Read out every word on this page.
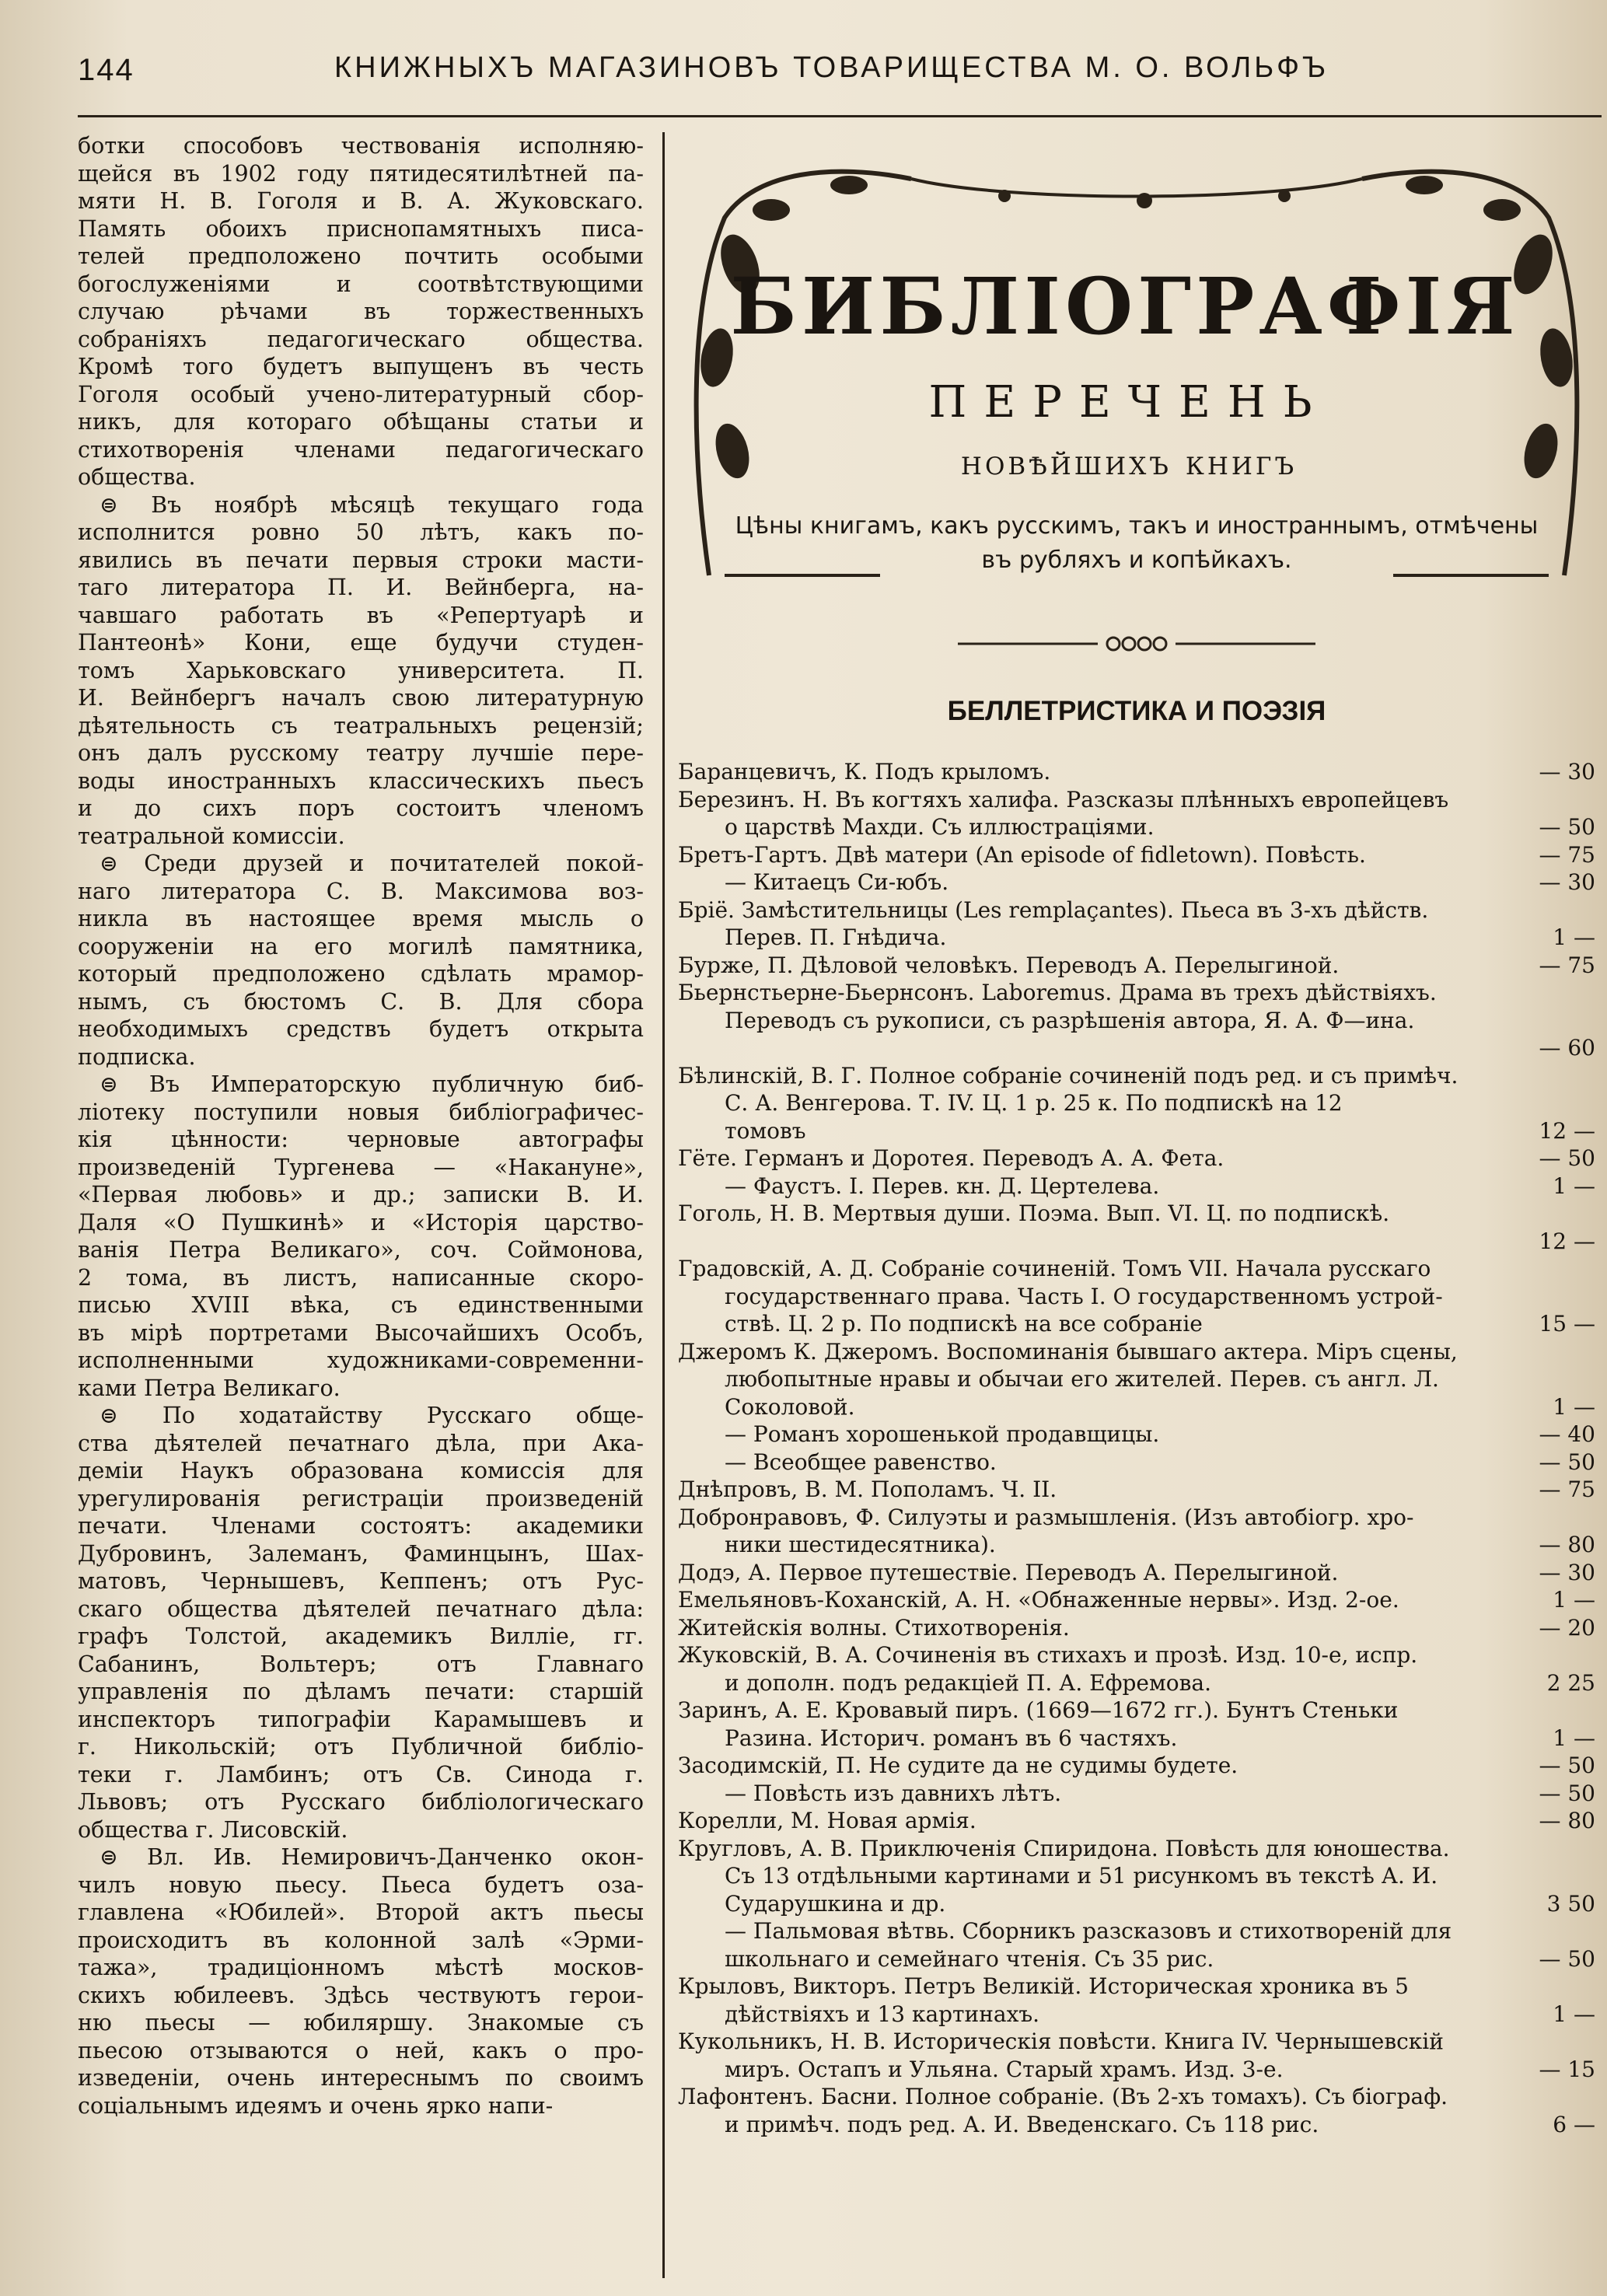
144	КНИЖНЫХЪ МАГАЗИНОВЪ ТОВАРИЩЕСТВА М. О. ВОЛЬФЪ

ботки способовъ чествованія исполняю-
щейся въ 1902 году пятидесятилѣтней па-
мяти Н. В. Гоголя и В. А. Жуковскаго.
Память обоихъ приснопамятныхъ писа-
телей предположено почтить особыми
богослуженіями и соотвѣтствующими
случаю рѣчами въ торжественныхъ
собраніяхъ педагогическаго общества.
Кромѣ того будетъ выпущенъ въ честь
Гоголя особый учено-литературный сбор-
никъ, для котораго обѣщаны статьи и
стихотворенія членами педагогическаго
общества.

⊜ Въ ноябрѣ мѣсяцѣ текущаго года
исполнится ровно 50 лѣтъ, какъ по-
явились въ печати первыя строки масти-
таго литератора П. И. Вейнберга, на-
чавшаго работать въ «Репертуарѣ и
Пантеонѣ» Кони, еще будучи студен-
томъ Харьковскаго университета. П.
И. Вейнбергъ началъ свою литературную
дѣятельность съ театральныхъ рецензій;
онъ далъ русскому театру лучшіе пере-
воды иностранныхъ классическихъ пьесъ
и до сихъ поръ состоитъ членомъ
театральной комиссіи.

⊜ Среди друзей и почитателей покой-
наго литератора С. В. Максимова воз-
никла въ настоящее время мысль о
сооруженіи на его могилѣ памятника,
который предположено сдѣлать мрамор-
нымъ, съ бюстомъ С. В. Для сбора
необходимыхъ средствъ будетъ открыта
подписка.

⊜ Въ Императорскую публичную биб-
ліотеку поступили новыя библіографичес-
кія цѣнности: черновые автографы
произведеній Тургенева — «Накануне»,
«Первая любовь» и др.; записки В. И.
Даля «О Пушкинѣ» и «Исторія царство-
ванія Петра Великаго», соч. Соймонова,
2 тома, въ листъ, написанные скоро-
писью XVIII вѣка, съ единственными
въ мірѣ портретами Высочайшихъ Особъ,
исполненными художниками-современни-
ками Петра Великаго.

⊜ По ходатайству Русскаго обще-
ства дѣятелей печатнаго дѣла, при Ака-
деміи Наукъ образована комиссія для
урегулированія регистраціи произведеній
печати. Членами состоятъ: академики
Дубровинъ, Залеманъ, Фаминцынъ, Шах-
матовъ, Чернышевъ, Кеппенъ; отъ Рус-
скаго общества дѣятелей печатнаго дѣла:
графъ Толстой, академикъ Вилліе, гг.
Сабанинъ, Вольтеръ; отъ Главнаго
управленія по дѣламъ печати: старшій
инспекторъ типографіи Карамышевъ и
г. Никольскій; отъ Публичной библіо-
теки г. Ламбинъ; отъ Св. Синода г.
Львовъ; отъ Русскаго библіологическаго
общества г. Лисовскій.

⊜ Вл. Ив. Немировичъ-Данченко окон-
чилъ новую пьесу. Пьеса будетъ оза-
главлена «Юбилей». Второй актъ пьесы
происходитъ въ колонной залѣ «Эрми-
тажа», традиціонномъ мѣстѣ москов-
скихъ юбилеевъ. Здѣсь чествуютъ герои-
ню пьесы — юбиляршу. Знакомые съ
пьесою отзываются о ней, какъ о про-
изведеніи, очень интереснымъ по своимъ
соціальнымъ идеямъ и очень ярко напи-

БИБЛІОГРАФІЯ
ПЕРЕЧЕНЬ
новѣйшихъ книгъ
Цѣны книгамъ, какъ русскимъ, такъ и иностраннымъ, отмѣчены
въ рубляхъ и копѣйкахъ.
БЕЛЛЕТРИСТИКА И ПОЭЗІЯ
Баранцевичъ, К. Подъ крыломъ.	— 30
Березинъ. Н. Въ когтяхъ халифа. Разсказы плѣнныхъ европейцевъ
о царствѣ Махди. Съ иллюстраціями.	— 50
Бретъ-Гартъ. Двѣ матери (An episode of fidletown). Повѣсть.	— 75
— Китаецъ Си-юбъ.	— 30
Бріё. Замѣстительницы (Les remplaçantes). Пьеса въ 3-хъ дѣйств.
Перев. П. Гнѣдича.	1 —
Бурже, П. Дѣловой человѣкъ. Переводъ А. Перелыгиной.	— 75
Бьернстьерне-Бьернсонъ. Laboremus. Драма въ трехъ дѣйствіяхъ.
Переводъ съ рукописи, съ разрѣшенія автора, Я. А. Ф—ина.

— 60
Бѣлинскій, В. Г. Полное собраніе сочиненій подъ ред. и съ примѣч.
С. А. Венгерова. Т. IV. Ц. 1 р. 25 к. По подпискѣ на 12
томовъ	12 —
Гёте. Германъ и Доротея. Переводъ А. А. Фета.	— 50
— Фаустъ. I. Перев. кн. Д. Цертелева.	1 —
Гоголь, Н. В. Мертвыя души. Поэма. Вып. VI. Ц. по подпискѣ.

12 —
Градовскій, А. Д. Собраніе сочиненій. Томъ VII. Начала русскаго
государственнаго права. Часть I. О государственномъ устрой-
ствѣ. Ц. 2 р. По подпискѣ на все собраніе	15 —
Джеромъ К. Джеромъ. Воспоминанія бывшаго актера. Міръ сцены,
любопытные нравы и обычаи его жителей. Перев. съ англ. Л.
Соколовой.	1 —
— Романъ хорошенькой продавщицы.	— 40
— Всеобщее равенство.	— 50
Днѣпровъ, В. М. Пополамъ. Ч. II.	— 75
Добронравовъ, Ф. Силуэты и размышленія. (Изъ автобіогр. хро-
ники шестидесятника).	— 80
Додэ, А. Первое путешествіе. Переводъ А. Перелыгиной.	— 30
Емельяновъ-Коханскій, А. Н. «Обнаженные нервы». Изд. 2-ое.	1 —
Житейскія волны. Стихотворенія.	— 20
Жуковскій, В. А. Сочиненія въ стихахъ и прозѣ. Изд. 10-е, испр.
и дополн. подъ редакціей П. А. Ефремова.	2 25
Заринъ, А. Е. Кровавый пиръ. (1669—1672 гг.). Бунтъ Стеньки
Разина. Историч. романъ въ 6 частяхъ.	1 —
Засодимскій, П. Не судите да не судимы будете.	— 50
— Повѣсть изъ давнихъ лѣтъ.	— 50
Корелли, М. Новая армія.	— 80
Кругловъ, А. В. Приключенія Спиридона. Повѣсть для юношества.
Съ 13 отдѣльными картинами и 51 рисункомъ въ текстѣ А. И.
Сударушкина и др.	3 50
— Пальмовая вѣтвь. Сборникъ разсказовъ и стихотвореній для
школьнаго и семейнаго чтенія. Съ 35 рис.	— 50
Крыловъ, Викторъ. Петръ Великій. Историческая хроника въ 5
дѣйствіяхъ и 13 картинахъ.	1 —
Кукольникъ, Н. В. Историческія повѣсти. Книга IV. Чернышевскій
миръ. Остапъ и Ульяна. Старый храмъ. Изд. 3-е.	— 15
Лафонтенъ. Басни. Полное собраніе. (Въ 2-хъ томахъ). Съ біограф.
и примѣч. подъ ред. А. И. Введенскаго. Съ 118 рис.	6 —
